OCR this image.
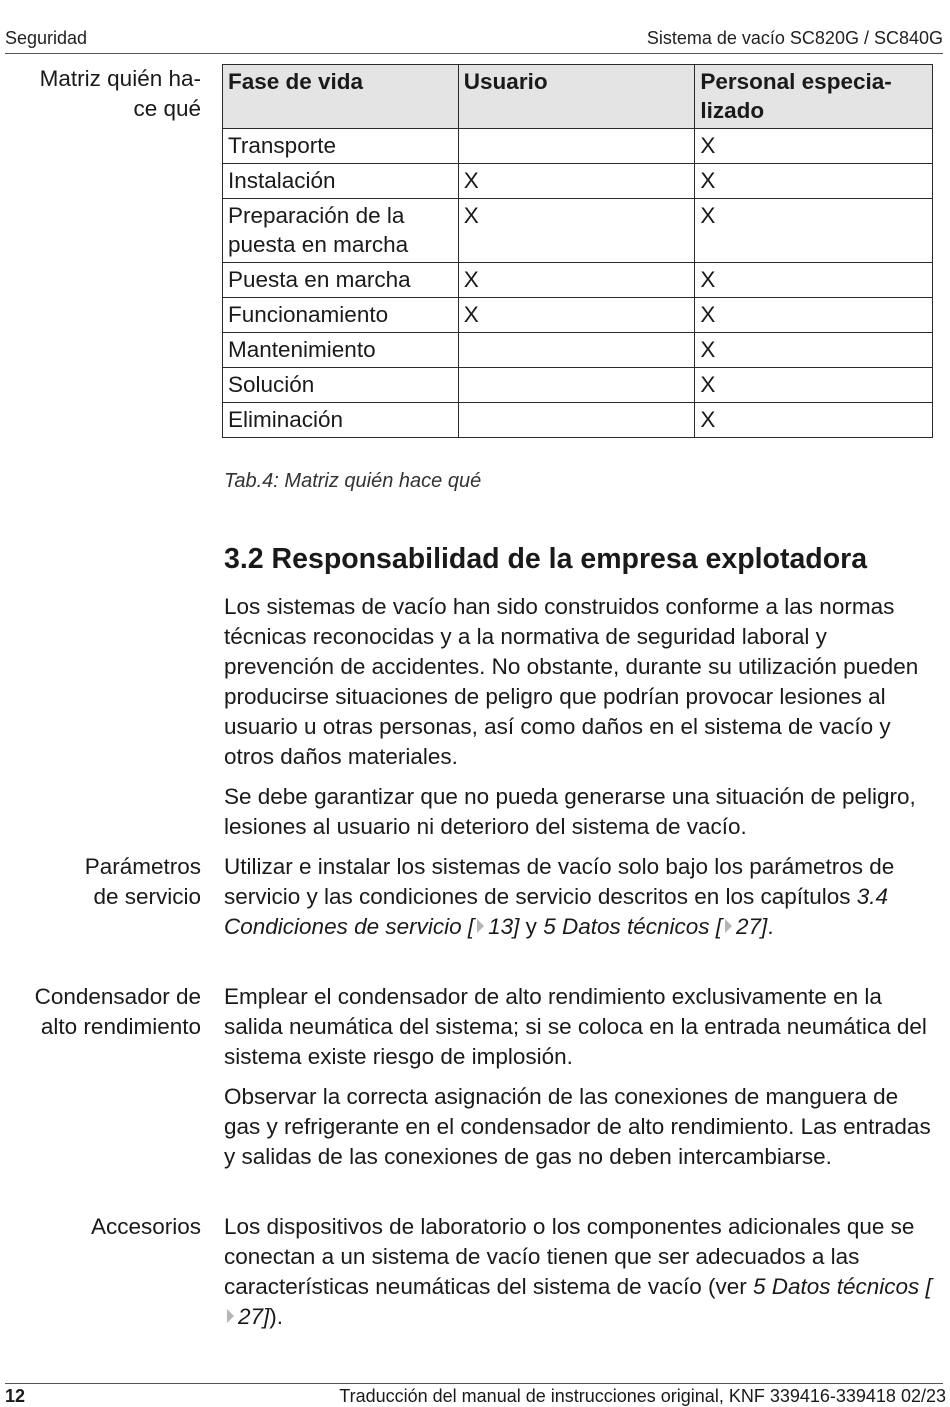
Seguridad	Sistema de vacío SC820G / SC840G
Matriz quién ha-
ce qué
Fase de vida	Usuario	Personal especia-
lizado
Transporte		X
Instalación	X	X
Preparación de la
puesta en marcha	X	X
Puesta en marcha	X	X
Funcionamiento	X	X
Mantenimiento		X
Solución		X
Eliminación		X
Tab.4: Matriz quién hace qué
3.2 Responsabilidad de la empresa explotadora

Los sistemas de vacío han sido construidos conforme a las normas técnicas reconocidas y a la normativa de seguridad laboral y prevención de accidentes. No obstante, durante su utilización pueden producirse situaciones de peligro que podrían provocar lesiones al usuario u otras personas, así como daños en el sistema de vacío y otros daños materiales.

Se debe garantizar que no pueda generarse una situación de peligro, lesiones al usuario ni deterioro del sistema de vacío.

Parámetros
de servicio

Utilizar e instalar los sistemas de vacío solo bajo los parámetros de servicio y las condiciones de servicio descritos en los capítulos 3.4 Condiciones de servicio [ 13] y 5 Datos técnicos [ 27].

Condensador de
alto rendimiento

Emplear el condensador de alto rendimiento exclusivamente en la salida neumática del sistema; si se coloca en la entrada neumática del sistema existe riesgo de implosión.

Observar la correcta asignación de las conexiones de manguera de gas y refrigerante en el condensador de alto rendimiento. Las entradas y salidas de las conexiones de gas no deben intercambiarse.

Accesorios Los dispositivos de laboratorio o los componentes adicionales que se conectan a un sistema de vacío tienen que ser adecuados a las características neumáticas del sistema de vacío (ver 5 Datos técnicos [27]).

12	Traducción del manual de instrucciones original, KNF 339416-339418 02/23
